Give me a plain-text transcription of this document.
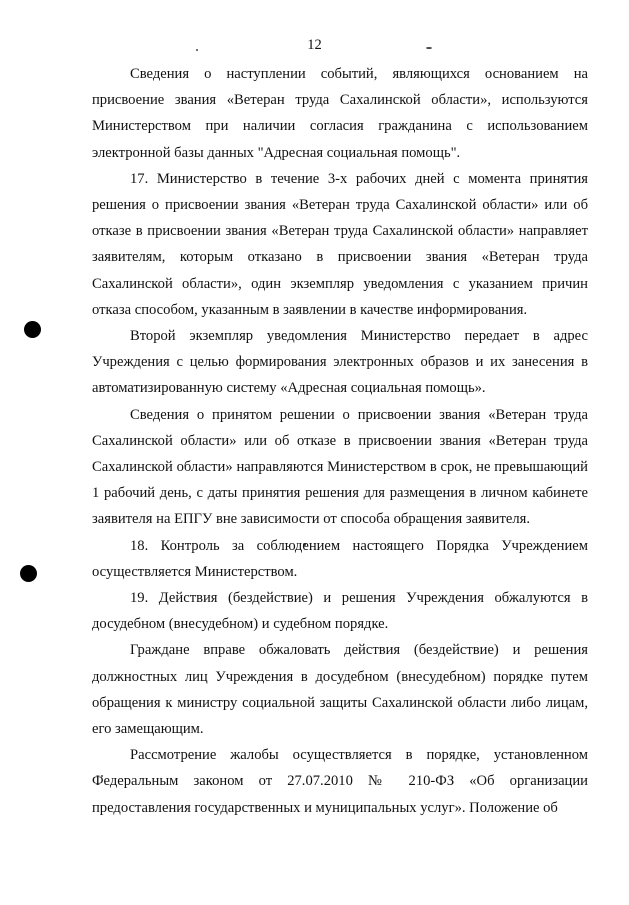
12

Сведения о наступлении событий, являющихся основанием на присвоение звания «Ветеран труда Сахалинской области», используются Министерством при наличии согласия гражданина с использованием электронной базы данных "Адресная социальная помощь".

17. Министерство в течение 3-х рабочих дней с момента принятия решения о присвоении звания «Ветеран труда Сахалинской области» или об отказе в присвоении звания «Ветеран труда Сахалинской области» направляет заявителям, которым отказано в присвоении звания «Ветеран труда Сахалинской области», один экземпляр уведомления с указанием причин отказа способом, указанным в заявлении в качестве информирования.

Второй экземпляр уведомления Министерство передает в адрес Учреждения с целью формирования электронных образов и их занесения в автоматизированную систему «Адресная социальная помощь».

Сведения о принятом решении о присвоении звания «Ветеран труда Сахалинской области» или об отказе в присвоении звания «Ветеран труда Сахалинской области» направляются Министерством в срок, не превышающий 1 рабочий день, с даты принятия решения для размещения в личном кабинете заявителя на ЕПГУ вне зависимости от способа обращения заявителя.

18. Контроль за соблюдением настоящего Порядка Учреждением осуществляется Министерством.

19. Действия (бездействие) и решения Учреждения обжалуются в досудебном (внесудебном) и судебном порядке.

Граждане вправе обжаловать действия (бездействие) и решения должностных лиц Учреждения в досудебном (внесудебном) порядке путем обращения к министру социальной защиты Сахалинской области либо лицам, его замещающим.

Рассмотрение жалобы осуществляется в порядке, установленном Федеральным законом от 27.07.2010 № 210-ФЗ «Об организации предоставления государственных и муниципальных услуг». Положение об
